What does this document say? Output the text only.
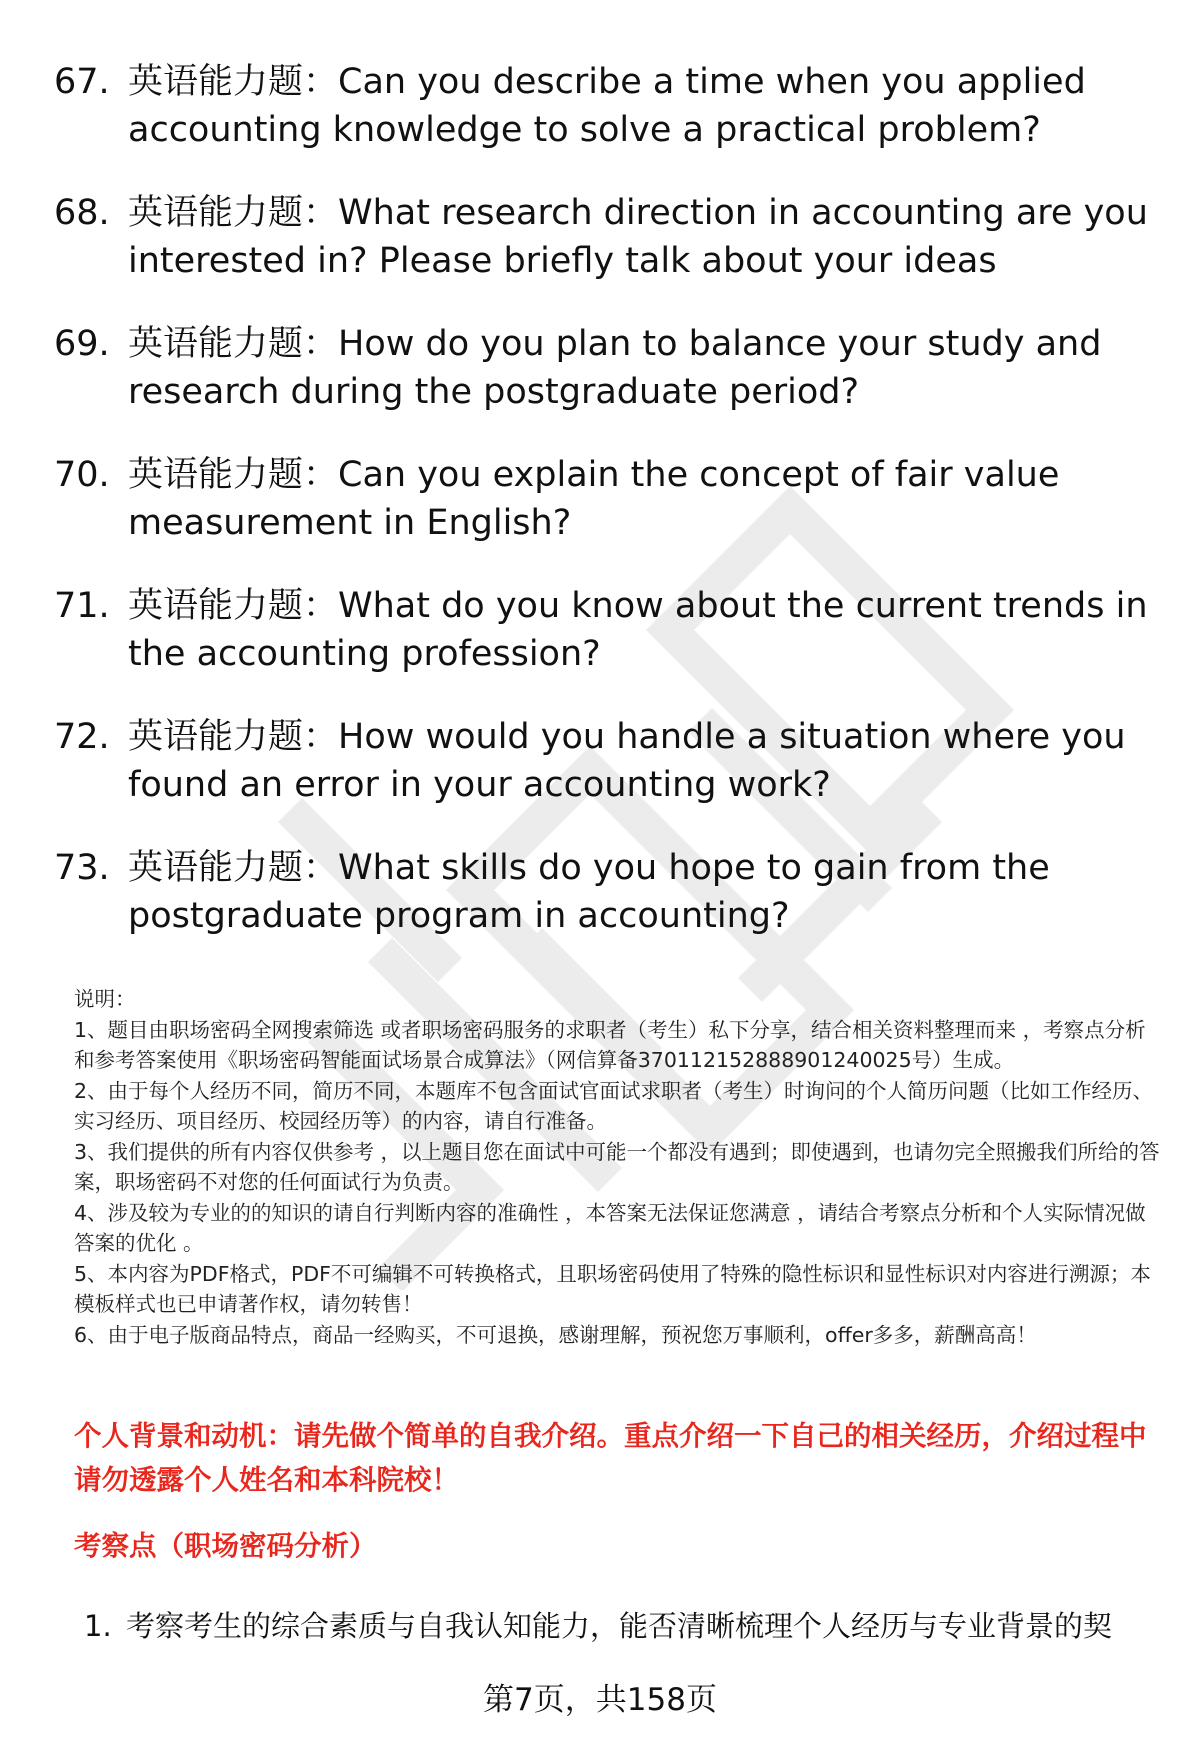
67. 英语能力题：Can you describe a time when you applied accounting knowledge to solve a practical problem?
68. 英语能力题：What research direction in accounting are you interested in? Please briefly talk about your ideas
69. 英语能力题：How do you plan to balance your study and research during the postgraduate period?
70. 英语能力题：Can you explain the concept of fair value measurement in English?
71. 英语能力题：What do you know about the current trends in the accounting profession?
72. 英语能力题：How would you handle a situation where you found an error in your accounting work?
73. 英语能力题：What skills do you hope to gain from the postgraduate program in accounting?

说明：

1、题目由职场密码全网搜索筛选 或者职场密码服务的求职者（考生）私下分享，结合相关资料整理而来 ，考察点分析和参考答案使用《职场密码智能面试场景合成算法》（网信算备370112152888901240025号）生成。

2、由于每个人经历不同，简历不同，本题库不包含面试官面试求职者（考生）时询问的个人简历问题（比如工作经历、实习经历、项目经历、校园经历等）的内容，请自行准备。

3、我们提供的所有内容仅供参考 ，以上题目您在面试中可能一个都没有遇到；即使遇到，也请勿完全照搬我们所给的答案，职场密码不对您的任何面试行为负责。

4、涉及较为专业的的知识的请自行判断内容的准确性 ，本答案无法保证您满意 ，请结合考察点分析和个人实际情况做答案的优化 。

5、本内容为PDF格式，PDF不可编辑不可转换格式，且职场密码使用了特殊的隐性标识和显性标识对内容进行溯源；本模板样式也已申请著作权，请勿转售！

6、由于电子版商品特点，商品一经购买，不可退换，感谢理解，预祝您万事顺利，offer多多，薪酬高高！

个人背景和动机：请先做个简单的自我介绍。重点介绍一下自己的相关经历，介绍过程中请勿透露个人姓名和本科院校！
考察点（职场密码分析）
1. 考察考生的综合素质与自我认知能力，能否清晰梳理个人经历与专业背景的契
第7页，共158页
